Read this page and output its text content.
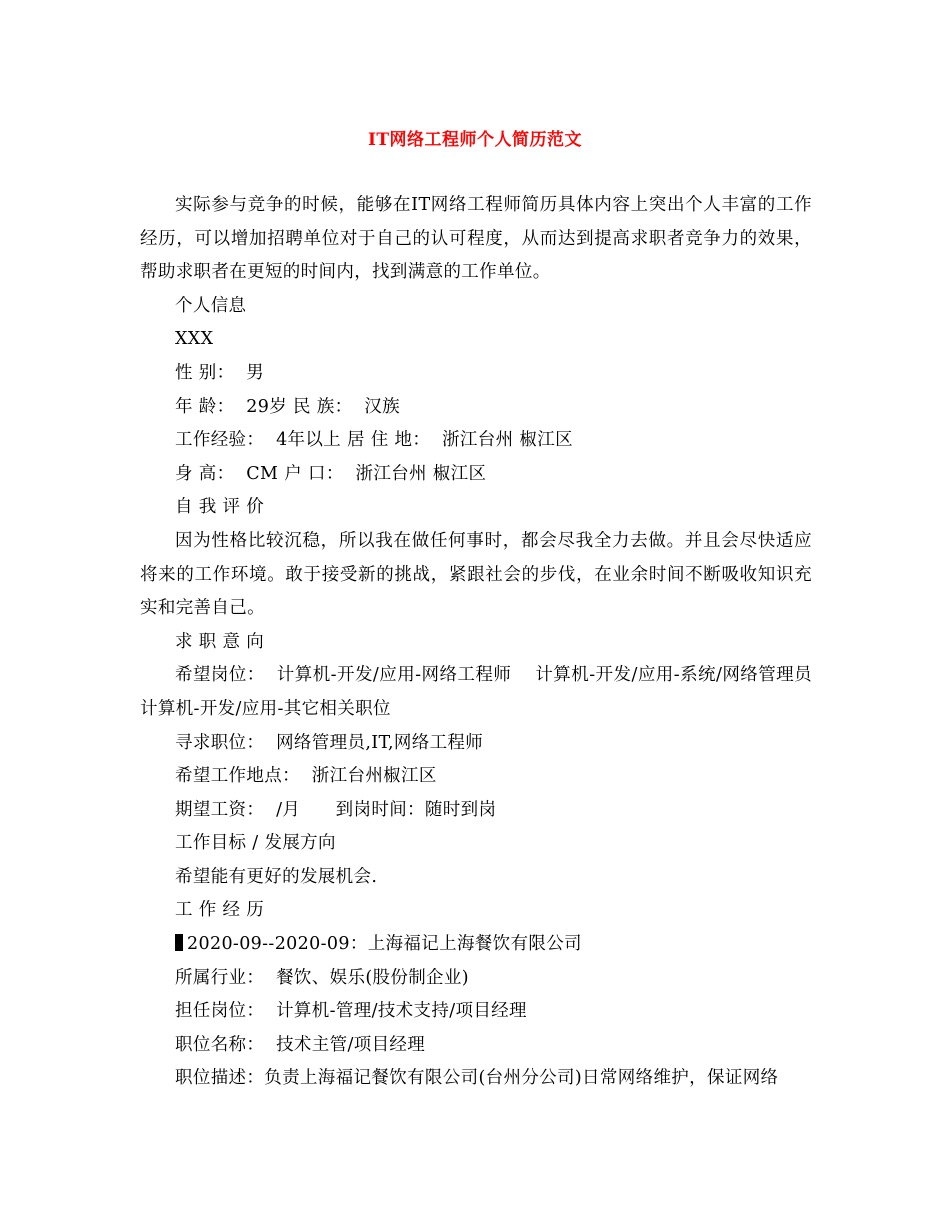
IT网络工程师个人简历范文

实际参与竞争的时候，能够在IT网络工程师简历具体内容上突出个人丰富的工作经历，可以增加招聘单位对于自己的认可程度，从而达到提高求职者竞争力的效果，帮助求职者在更短的时间内，找到满意的工作单位。

个人信息

XXX

性 别：  男

年 龄：  29岁 民 族：  汉族

工作经验：  4年以上 居 住 地：  浙江台州 椒江区

身 高：  CM 户 口：  浙江台州 椒江区

自 我 评 价

因为性格比较沉稳，所以我在做任何事时，都会尽我全力去做。并且会尽快适应将来的工作环境。敢于接受新的挑战，紧跟社会的步伐，在业余时间不断吸收知识充实和完善自己。

求 职 意 向

希望岗位：  计算机-开发/应用-网络工程师    计算机-开发/应用-系统/网络管理员    计算机-开发/应用-其它相关职位

寻求职位：  网络管理员,IT,网络工程师

希望工作地点：  浙江台州椒江区

期望工资：  /月      到岗时间：随时到岗

工作目标 / 发展方向

希望能有更好的发展机会.

工 作 经 历

2020-09--2020-09：上海福记上海餐饮有限公司

所属行业：  餐饮、娱乐(股份制企业)

担任岗位：  计算机-管理/技术支持/项目经理

职位名称：  技术主管/项目经理

职位描述：负责上海福记餐饮有限公司(台州分公司)日常网络维护，保证网络
